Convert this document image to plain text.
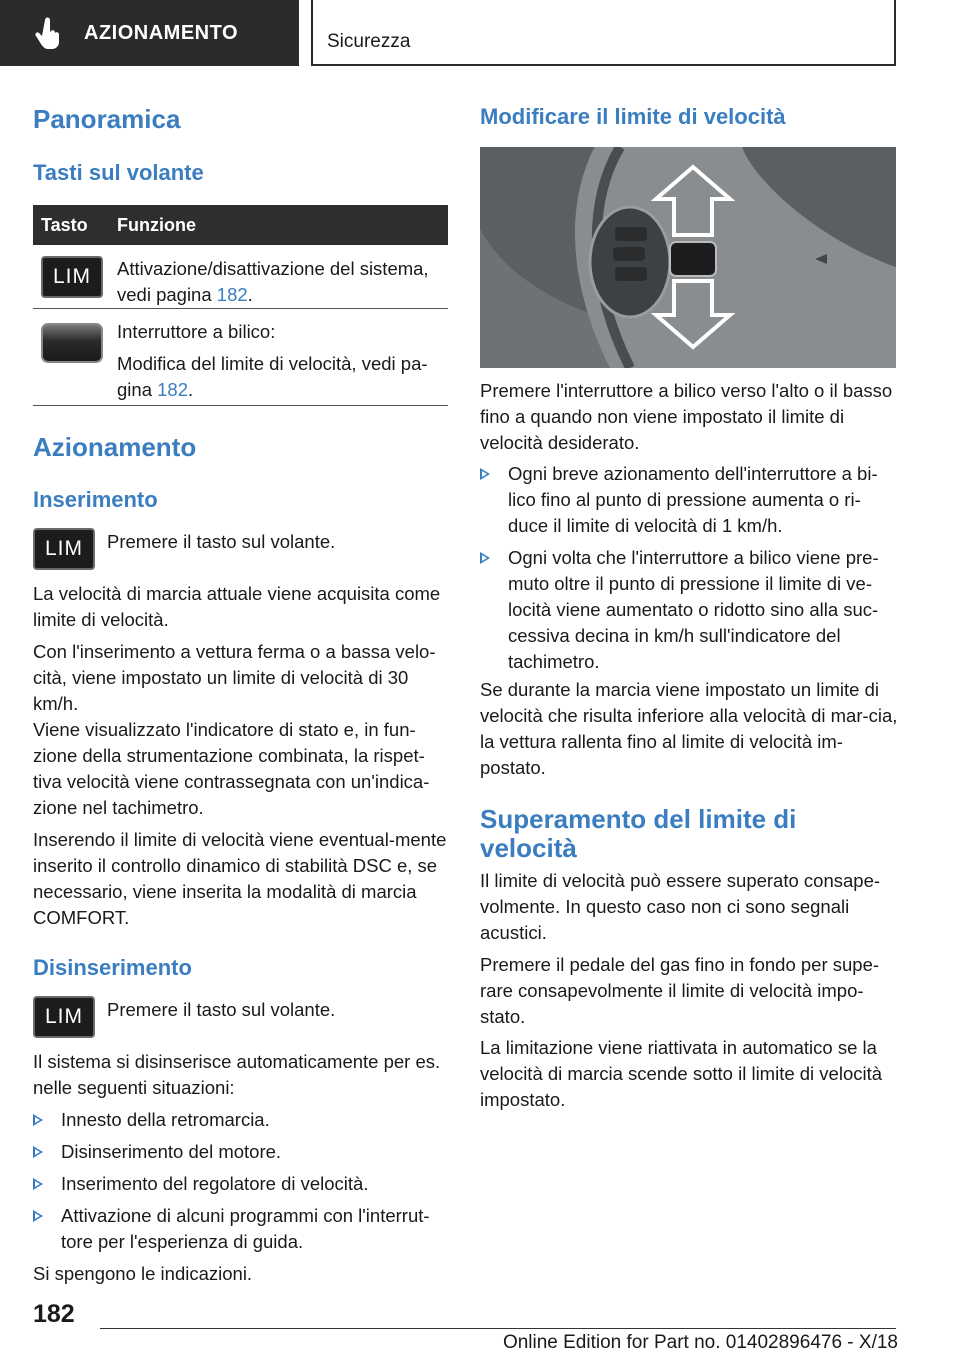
AZIONAMENTO	Sicurezza
Panoramica
Tasti sul volante
Tasto	Funzione
LIM Attivazione/disattivazione del sistema,
vedi pagina 182.
Interruttore a bilico:
Modifica del limite di velocità, vedi pa-
gina 182.
Azionamento
Inserimento
LIM Premere il tasto sul volante.
La velocità di marcia attuale viene acquisita come limite di velocità.
Con l'inserimento a vettura ferma o a bassa velo-cità, viene impostato un limite di velocità di 30 km/h.
Viene visualizzato l'indicatore di stato e, in fun-zione della strumentazione combinata, la rispet-tiva velocità viene contrassegnata con un'indica-zione nel tachimetro.
Inserendo il limite di velocità viene eventual-mente inserito il controllo dinamico di stabilità DSC e, se necessario, viene inserita la modalità di marcia COMFORT.
Disinserimento
LIM Premere il tasto sul volante.
Il sistema si disinserisce automaticamente per es. nelle seguenti situazioni:
Innesto della retromarcia.
Disinserimento del motore.
Inserimento del regolatore di velocità.
Attivazione di alcuni programmi con l'interrut-tore per l'esperienza di guida.
Si spengono le indicazioni.
Modificare il limite di velocità
Premere l'interruttore a bilico verso l'alto o il basso fino a quando non viene impostato il limite di velocità desiderato.
Ogni breve azionamento dell'interruttore a bi-lico fino al punto di pressione aumenta o ri-duce il limite di velocità di 1 km/h.
Ogni volta che l'interruttore a bilico viene pre-muto oltre il punto di pressione il limite di ve-locità viene aumentato o ridotto sino alla suc-cessiva decina in km/h sull'indicatore del tachimetro.
Se durante la marcia viene impostato un limite di velocità che risulta inferiore alla velocità di mar-cia, la vettura rallenta fino al limite di velocità im-postato.
Superamento del limite di
velocità
Il limite di velocità può essere superato consape-volmente. In questo caso non ci sono segnali acustici.
Premere il pedale del gas fino in fondo per supe-rare consapevolmente il limite di velocità impo-stato.
La limitazione viene riattivata in automatico se la velocità di marcia scende sotto il limite di velocità impostato.
182
Online Edition for Part no. 01402896476 - X/18
